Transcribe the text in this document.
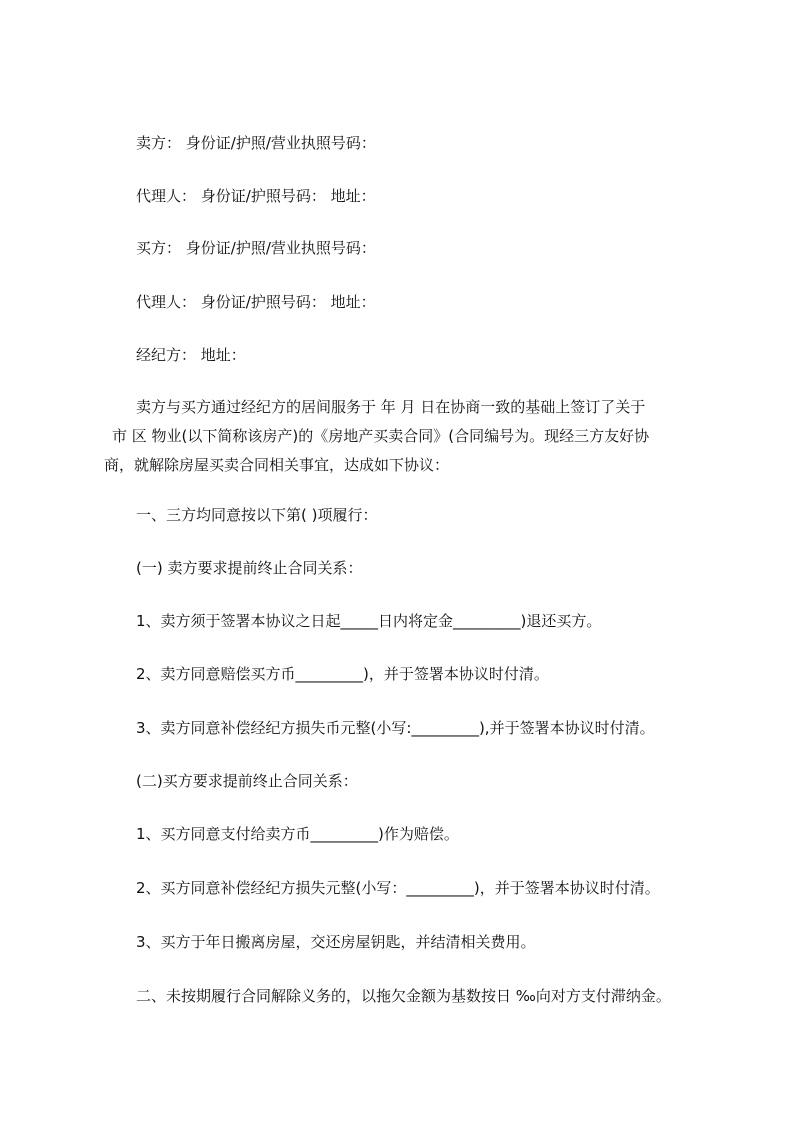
卖方： 身份证/护照/营业执照号码：
代理人： 身份证/护照号码： 地址：
买方： 身份证/护照/营业执照号码：
代理人： 身份证/护照号码： 地址：
经纪方： 地址：
卖方与买方通过经纪方的居间服务于 年 月 日在协商一致的基础上签订了关于
市 区 物业(以下简称该房产)的《房地产买卖合同》(合同编号为。现经三方友好协
商，就解除房屋买卖合同相关事宜，达成如下协议：
一、三方均同意按以下第( )项履行：
(一) 卖方要求提前终止合同关系：
1、卖方须于签署本协议之日起_____日内将定金_________)退还买方。
2、卖方同意赔偿买方币_________)，并于签署本协议时付清。
3、卖方同意补偿经纪方损失币元整(小写:_________),并于签署本协议时付清。
(二)买方要求提前终止合同关系：
1、买方同意支付给卖方币_________)作为赔偿。
2、买方同意补偿经纪方损失元整(小写：_________)，并于签署本协议时付清。
3、买方于年日搬离房屋，交还房屋钥匙，并结清相关费用。
二、未按期履行合同解除义务的，以拖欠金额为基数按日 ‰向对方支付滞纳金。
